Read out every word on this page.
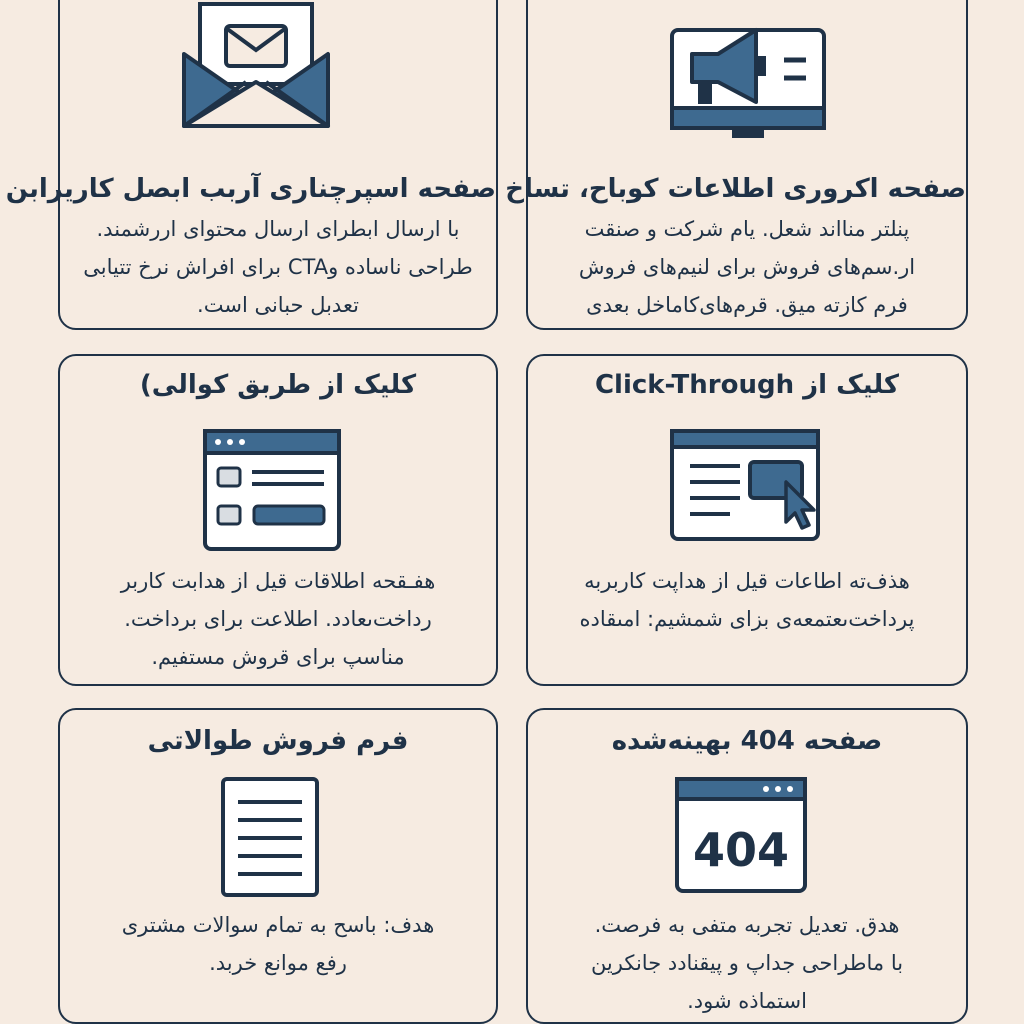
صفحه اسپرچناری آربب ابصل کاریرابن
با ارسال ابطرای ارسال محتوای اررشمند.
طراحی ناساده وCTA برای افراش نرخ تتیابی
تعدبل حبانی است.
صفحه اکرورى اطلاعات کوباح، تساخ
پنلتر منااند شعل. یام شرکت و صنقت
ار.سم‌های فروش برای لنیم‌های فروش
فرم کازته میق. قرم‌های‌کاماخل بعدی
کلیک از طربق کوالی)
هفـقحه اطلاقات قیل از هدابت کاربر
رداخت‌ىعادد. اطلاعت برای برداخت.
مناسپ برای قروش مستفیم.
کلیک از Click-Through
هذف‌ته اطاعات قیل از هداپت کاربر‌به
پرداخت‌ىعتمعه‌ی بزای شمشیم: امىقاده
فرم فروش طوالاتی
هدف: باسح به تمام سوالات مشتری
رفع موانع خربد.
404
صفحه 404 بهینه‌شده
هدق. تعدیل تجربه متفی به فرصت.
با ماطراحی جداپ و پیقنادد جانکرین
استماذه شود.
